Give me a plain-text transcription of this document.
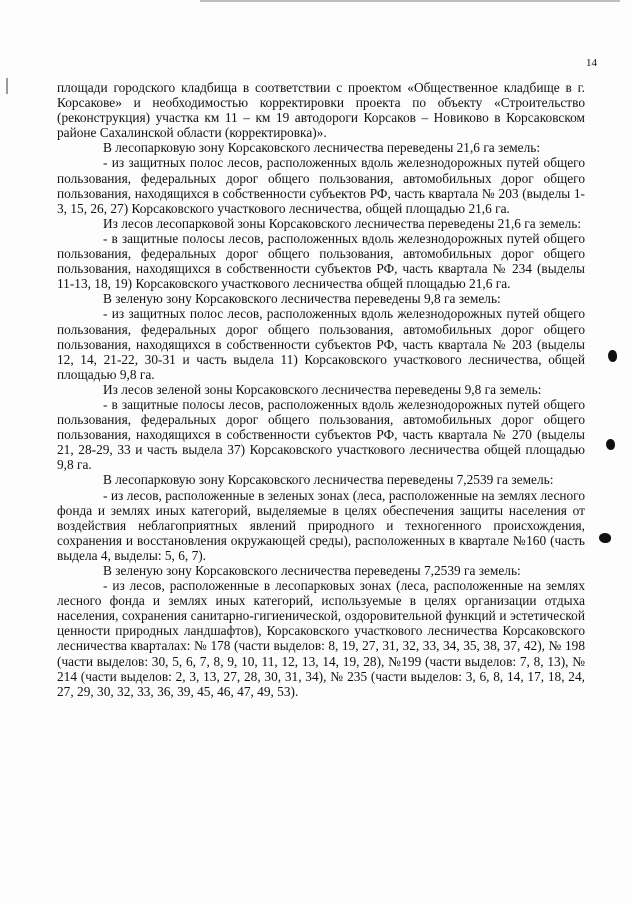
14

площади городского кладбища в соответствии с проектом «Общественное кладбище в г. Корсакове» и необходимостью корректировки проекта по объекту «Строительство (реконструкция) участка км 11 – км 19 автодороги Корсаков – Новиково в Корсаковском районе Сахалинской области (корректировка)».

В лесопарковую зону Корсаковского лесничества переведены 21,6 га земель:

- из защитных полос лесов, расположенных вдоль железнодорожных путей общего пользования, федеральных дорог общего пользования, автомобильных дорог общего пользования, находящихся в собственности субъектов РФ, часть квартала № 203 (выделы 1-3, 15, 26, 27) Корсаковского участкового лесничества, общей площадью 21,6 га.

Из лесов лесопарковой зоны Корсаковского лесничества переведены 21,6 га земель:

- в защитные полосы лесов, расположенных вдоль железнодорожных путей общего пользования, федеральных дорог общего пользования, автомобильных дорог общего пользования, находящихся в собственности субъектов РФ, часть квартала № 234 (выделы 11-13, 18, 19) Корсаковского участкового лесничества общей площадью 21,6 га.

В зеленую зону Корсаковского лесничества переведены 9,8 га земель:

- из защитных полос лесов, расположенных вдоль железнодорожных путей общего пользования, федеральных дорог общего пользования, автомобильных дорог общего пользования, находящихся в собственности субъектов РФ, часть квартала № 203 (выделы 12, 14, 21-22, 30-31 и часть выдела 11) Корсаковского участкового лесничества, общей площадью 9,8 га.

Из лесов зеленой зоны Корсаковского лесничества переведены 9,8 га земель:

- в защитные полосы лесов, расположенных вдоль железнодорожных путей общего пользования, федеральных дорог общего пользования, автомобильных дорог общего пользования, находящихся в собственности субъектов РФ, часть квартала № 270 (выделы 21, 28-29, 33 и часть выдела 37) Корсаковского участкового лесничества общей площадью 9,8 га.

В лесопарковую зону Корсаковского лесничества переведены 7,2539 га земель:

- из лесов, расположенные в зеленых зонах (леса, расположенные на землях лесного фонда и землях иных категорий, выделяемые в целях обеспечения защиты населения от воздействия неблагоприятных явлений природного и техногенного происхождения, сохранения и восстановления окружающей среды), расположенных в квартале №160 (часть выдела 4, выделы: 5, 6, 7).

В зеленую зону Корсаковского лесничества переведены 7,2539 га земель:

- из лесов, расположенные в лесопарковых зонах (леса, расположенные на землях лесного фонда и землях иных категорий, используемые в целях организации отдыха населения, сохранения санитарно-гигиенической, оздоровительной функций и эстетической ценности природных ландшафтов), Корсаковского участкового лесничества Корсаковского лесничества кварталах: № 178 (части выделов: 8, 19, 27, 31, 32, 33, 34, 35, 38, 37, 42), № 198 (части выделов: 30, 5, 6, 7, 8, 9, 10, 11, 12, 13, 14, 19, 28), №199 (части выделов: 7, 8, 13), № 214 (части выделов: 2, 3, 13, 27, 28, 30, 31, 34), № 235 (части выделов: 3, 6, 8, 14, 17, 18, 24, 27, 29, 30, 32, 33, 36, 39, 45, 46, 47, 49, 53).
